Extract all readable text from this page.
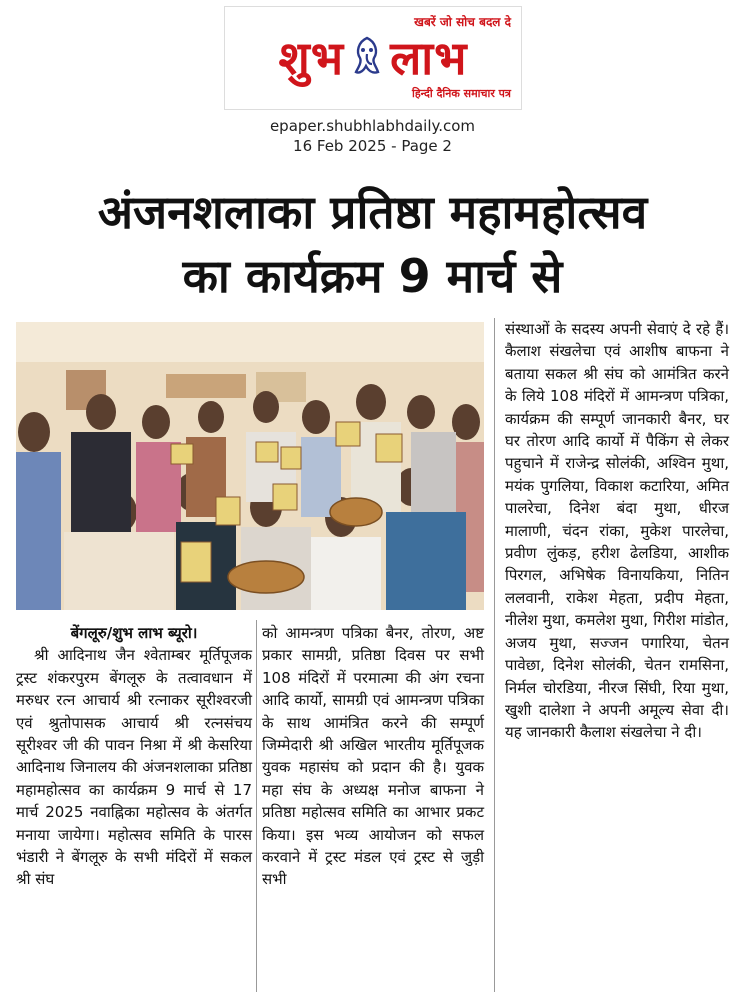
खबरें जो सोच बदल दे
शुभ लाभ
हिन्दी दैनिक समाचार पत्र
epaper.shubhlabhdaily.com
16 Feb 2025 - Page 2
अंजनशलाका प्रतिष्ठा महामहोत्सव
का कार्यक्रम 9 मार्च से
बेंगलूरु/शुभ लाभ ब्यूरो।
श्री आदिनाथ जैन श्वेताम्बर मूर्तिपूजक ट्रस्ट शंकरपुरम बेंगलूरु के तत्वावधान में मरुधर रत्न आचार्य श्री रत्नाकर सूरीश्वरजी एवं श्रुतोपासक आचार्य श्री रत्नसंचय सूरीश्वर जी की पावन निश्रा में श्री केसरिया आदिनाथ जिनालय की अंजनशलाका प्रतिष्ठा महामहोत्सव का कार्यक्रम 9 मार्च से 17 मार्च 2025 नवाह्निका महोत्सव के अंतर्गत मनाया जायेगा। महोत्सव समिति के पारस भंडारी ने बेंगलूरु के सभी मंदिरों में सकल श्री संघ
को आमन्त्रण पत्रिका बैनर, तोरण, अष्ट प्रकार सामग्री, प्रतिष्ठा दिवस पर सभी 108 मंदिरों में परमात्मा की अंग रचना आदि कार्यो, सामग्री एवं आमन्त्रण पत्रिका के साथ आमंत्रित करने की सम्पूर्ण जिम्मेदारी श्री अखिल भारतीय मूर्तिपूजक युवक महासंघ को प्रदान की है। युवक महा संघ के अध्यक्ष मनोज बाफना ने प्रतिष्ठा महोत्सव समिति का आभार प्रकट किया। इस भव्य आयोजन को सफल करवाने में ट्रस्ट मंडल एवं ट्रस्ट से जुड़ी सभी
संस्थाओं के सदस्य अपनी सेवाएं दे रहे हैं। कैलाश संखलेचा एवं आशीष बाफना ने बताया सकल श्री संघ को आमंत्रित करने के लिये 108 मंदिरों में आमन्त्रण पत्रिका, कार्यक्रम की सम्पूर्ण जानकारी बैनर, घर घर तोरण आदि कार्यो में पैकिंग से लेकर पहुचाने में राजेन्द्र सोलंकी, अश्विन मुथा, मयंक पुगलिया, विकाश कटारिया, अमित पालरेचा, दिनेश बंदा मुथा, धीरज मालाणी, चंदन रांका, मुकेश पारलेचा, प्रवीण लुंकड़, हरीश ढेलडिया, आशीक पिरगल, अभिषेक विनायकिया, नितिन ललवानी, राकेश मेहता, प्रदीप मेहता, नीलेश मुथा, कमलेश मुथा, गिरीश मांडोत, अजय मुथा, सज्जन पगारिया, चेतन पावेछा, दिनेश सोलंकी, चेतन रामसिना, निर्मल चोरडिया, नीरज सिंघी, रिया मुथा, खुशी दालेशा ने अपनी अमूल्य सेवा दी। यह जानकारी कैलाश संखलेचा ने दी।
